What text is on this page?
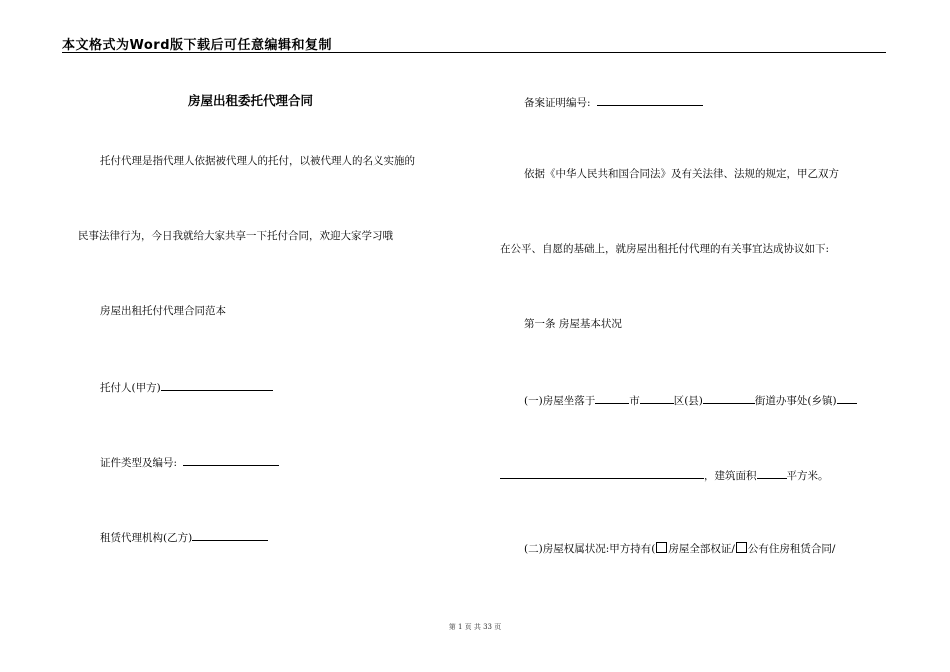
本文格式为Word版下载后可任意编辑和复制
房屋出租委托代理合同
托付代理是指代理人依据被代理人的托付，以被代理人的名义实施的
民事法律行为，今日我就给大家共享一下托付合同，欢迎大家学习哦
房屋出租托付代理合同范本
托付人(甲方)
证件类型及编号:
租赁代理机构(乙方)
备案证明编号:
依据《中华人民共和国合同法》及有关法律、法规的规定，甲乙双方
在公平、自愿的基础上，就房屋出租托付代理的有关事宜达成协议如下:
第一条 房屋基本状况
(一)房屋坐落于	市	区(县)	街道办事处(乡镇)
，建筑面积	平方米。
(二)房屋权属状况:甲方持有( 房屋全部权证/ 公有住房租赁合同/
第 1 页 共 33 页
